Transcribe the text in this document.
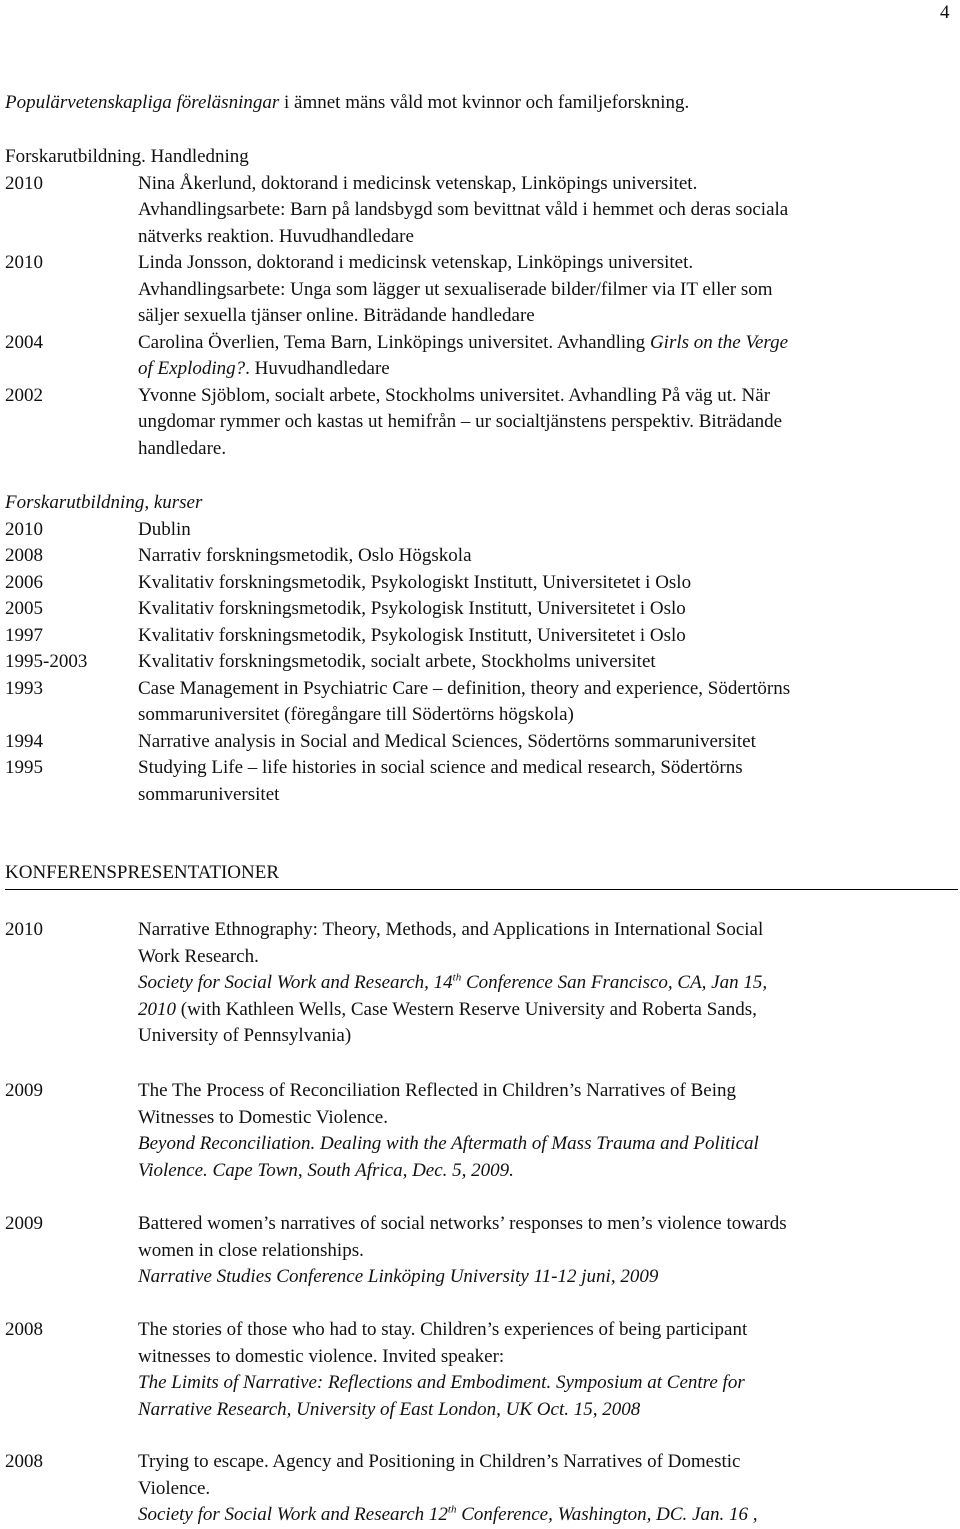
4
Populärvetenskapliga föreläsningar i ämnet mäns våld mot kvinnor och familjeforskning.
Forskarutbildning. Handledning
2010	Nina Åkerlund, doktorand i medicinsk vetenskap, Linköpings universitet.
Avhandlingsarbete: Barn på landsbygd som bevittnat våld i hemmet och deras sociala
nätverks reaktion. Huvudhandledare
2010	Linda Jonsson, doktorand i medicinsk vetenskap, Linköpings universitet.
Avhandlingsarbete: Unga som lägger ut sexualiserade bilder/filmer via IT eller som
säljer sexuella tjänser online. Biträdande handledare
2004	Carolina Överlien, Tema Barn, Linköpings universitet. Avhandling Girls on the Verge
of Exploding?. Huvudhandledare
2002	Yvonne Sjöblom, socialt arbete, Stockholms universitet. Avhandling På väg ut. När
ungdomar rymmer och kastas ut hemifrån – ur socialtjänstens perspektiv. Biträdande
handledare.
Forskarutbildning, kurser
2010	Dublin
2008	Narrativ forskningsmetodik, Oslo Högskola
2006	Kvalitativ forskningsmetodik, Psykologiskt Institutt, Universitetet i Oslo
2005	Kvalitativ forskningsmetodik, Psykologisk Institutt, Universitetet i Oslo
1997	Kvalitativ forskningsmetodik, Psykologisk Institutt, Universitetet i Oslo
1995-2003	Kvalitativ forskningsmetodik, socialt arbete, Stockholms universitet
1993	Case Management in Psychiatric Care – definition, theory and experience, Södertörns
sommaruniversitet (föregångare till Södertörns högskola)
1994	Narrative analysis in Social and Medical Sciences, Södertörns sommaruniversitet
1995	Studying Life – life histories in social science and medical research, Södertörns
sommaruniversitet
KONFERENSPRESENTATIONER
2010	Narrative Ethnography: Theory, Methods, and Applications in International Social
Work Research.
Society for Social Work and Research, 14th Conference San Francisco, CA, Jan 15,
2010 (with Kathleen Wells, Case Western Reserve University and Roberta Sands,
University of Pennsylvania)
2009	The The Process of Reconciliation Reflected in Children’s Narratives of Being
Witnesses to Domestic Violence.
Beyond Reconciliation. Dealing with the Aftermath of Mass Trauma and Political
Violence. Cape Town, South Africa, Dec. 5, 2009.
2009	Battered women’s narratives of social networks’ responses to men’s violence towards
women in close relationships.
Narrative Studies Conference Linköping University 11-12 juni, 2009
2008	The stories of those who had to stay. Children’s experiences of being participant
witnesses to domestic violence. Invited speaker:
The Limits of Narrative: Reflections and Embodiment. Symposium at Centre for
Narrative Research, University of East London, UK Oct. 15, 2008
2008	Trying to escape. Agency and Positioning in Children’s Narratives of Domestic
Violence.
Society for Social Work and Research 12th Conference, Washington, DC. Jan. 16 ,
